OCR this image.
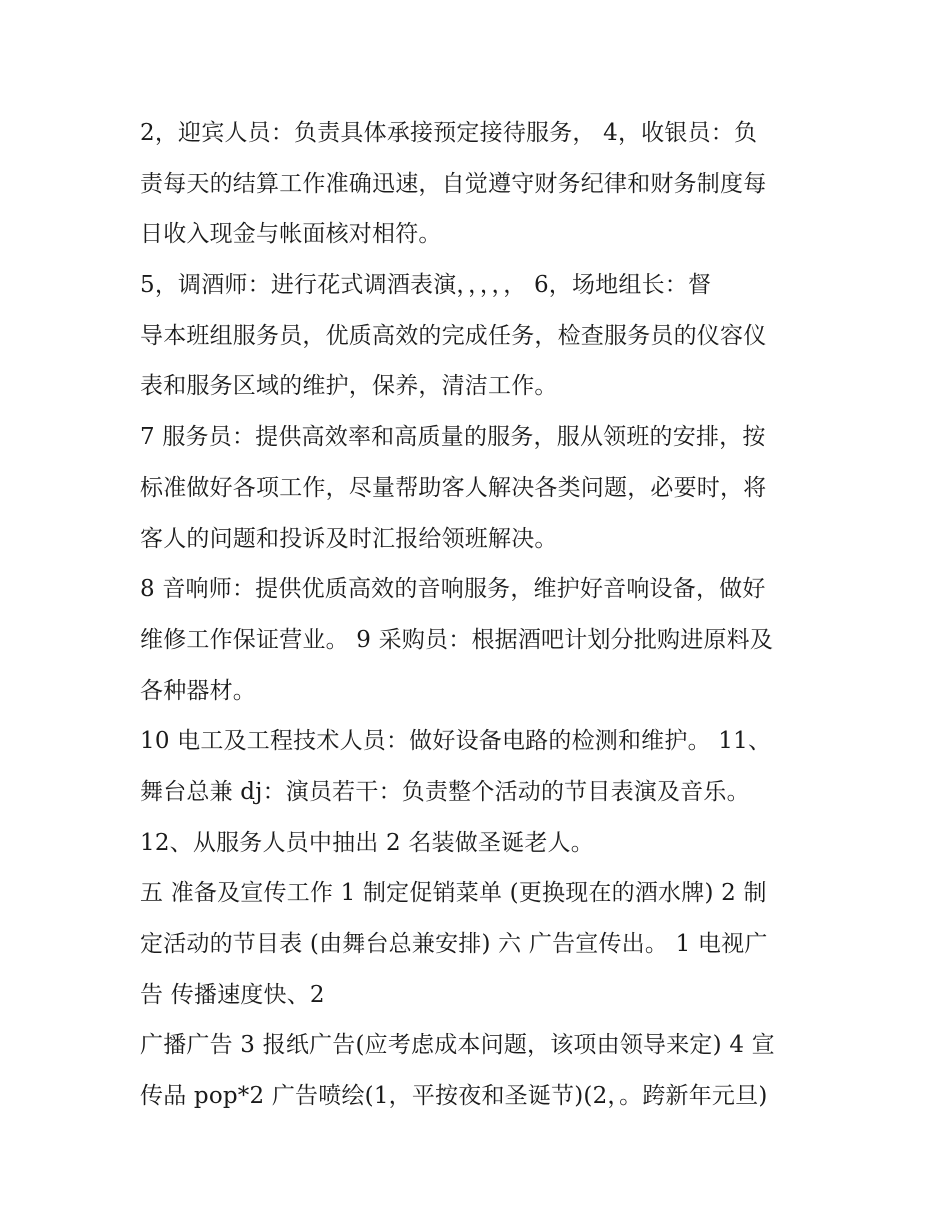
2，迎宾人员：负责具体承接预定接待服务， 4，收银员：负
责每天的结算工作准确迅速，自觉遵守财务纪律和财务制度每
日收入现金与帐面核对相符。

5，调酒师：进行花式调酒表演，，，，， 6，场地组长：督
导本班组服务员，优质高效的完成任务，检查服务员的仪容仪
表和服务区域的维护，保养，清洁工作。

7 服务员：提供高效率和高质量的服务，服从领班的安排，按
标准做好各项工作，尽量帮助客人解决各类问题，必要时，将
客人的问题和投诉及时汇报给领班解决。

8 音响师：提供优质高效的音响服务，维护好音响设备，做好
维修工作保证营业。 9 采购员：根据酒吧计划分批购进原料及
各种器材。

10 电工及工程技术人员：做好设备电路的检测和维护。 11、
舞台总兼 dj：演员若干：负责整个活动的节目表演及音乐。

12、从服务人员中抽出 2 名装做圣诞老人。

五 准备及宣传工作 1 制定促销菜单 (更换现在的酒水牌) 2 制
定活动的节目表 (由舞台总兼安排) 六 广告宣传出。 1 电视广
告 传播速度快、2

广播广告 3 报纸广告(应考虑成本问题，该项由领导来定) 4 宣
传品 pop*2 广告喷绘(1，平按夜和圣诞节)(2，。跨新年元旦)
